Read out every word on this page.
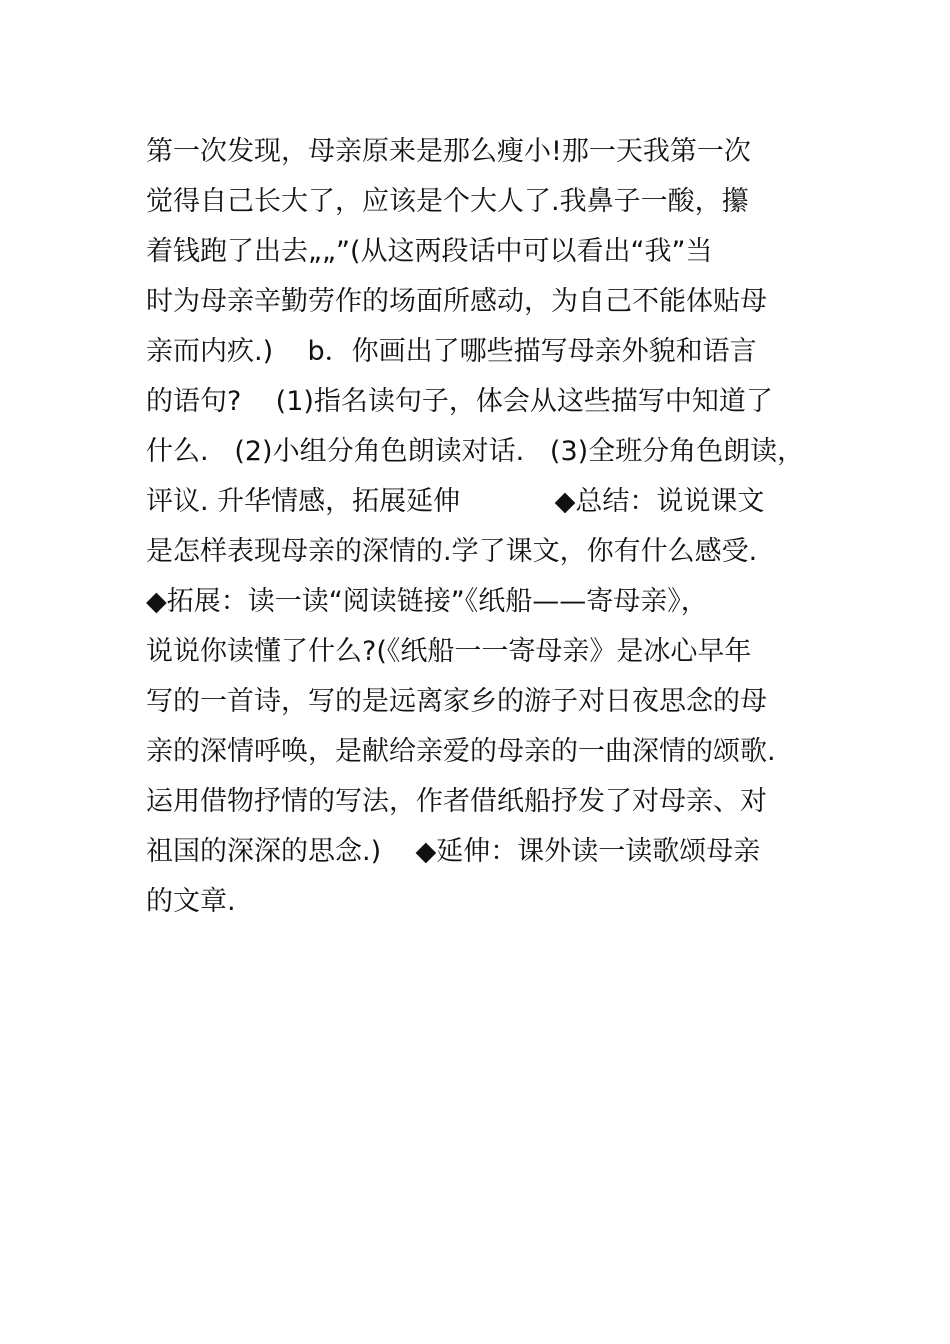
第一次发现，母亲原来是那么瘦小!那一天我第一次
觉得自己长大了，应该是个大人了.我鼻子一酸，攥
着钱跑了出去„„”(从这两段话中可以看出“我”当
时为母亲辛勤劳作的场面所感动，为自己不能体贴母
亲而内疚.)    b．你画出了哪些描写母亲外貌和语言
的语句?    (1)指名读句子，体会从这些描写中知道了
什么.   (2)小组分角色朗读对话.   (3)全班分角色朗读，
评议. 升华情感，拓展延伸           ◆总结：说说课文
是怎样表现母亲的深情的.学了课文，你有什么感受.
◆拓展：读一读“阅读链接”《纸船——寄母亲》，
说说你读懂了什么?(《纸船一一寄母亲》是冰心早年
写的一首诗，写的是远离家乡的游子对日夜思念的母
亲的深情呼唤，是献给亲爱的母亲的一曲深情的颂歌.
运用借物抒情的写法，作者借纸船抒发了对母亲、对
祖国的深深的思念.)    ◆延伸：课外读一读歌颂母亲
的文章.
